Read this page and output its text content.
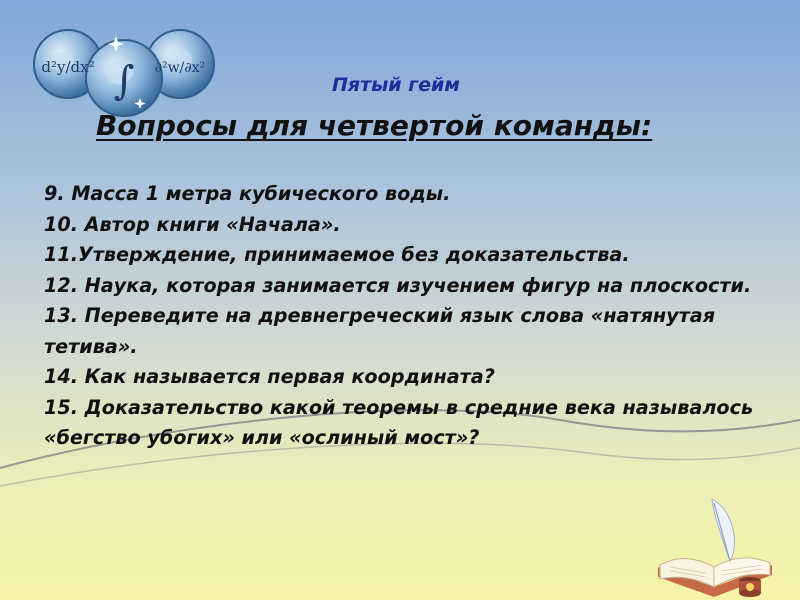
d²y/dx²	∂²w/∂x²
∫	Пятый гейм
Вопросы для четвертой команды:
9. Масса 1 метра кубического воды.
10. Автор книги «Начала».
11.Утверждение, принимаемое без доказательства.
12. Наука, которая занимается изучением фигур на плоскости.
13. Переведите на древнегреческий язык слова «натянутая тетива».
14. Как называется первая координата?
15. Доказательство какой теоремы в средние века называлось «бегство убогих» или «ослиный мост»?
